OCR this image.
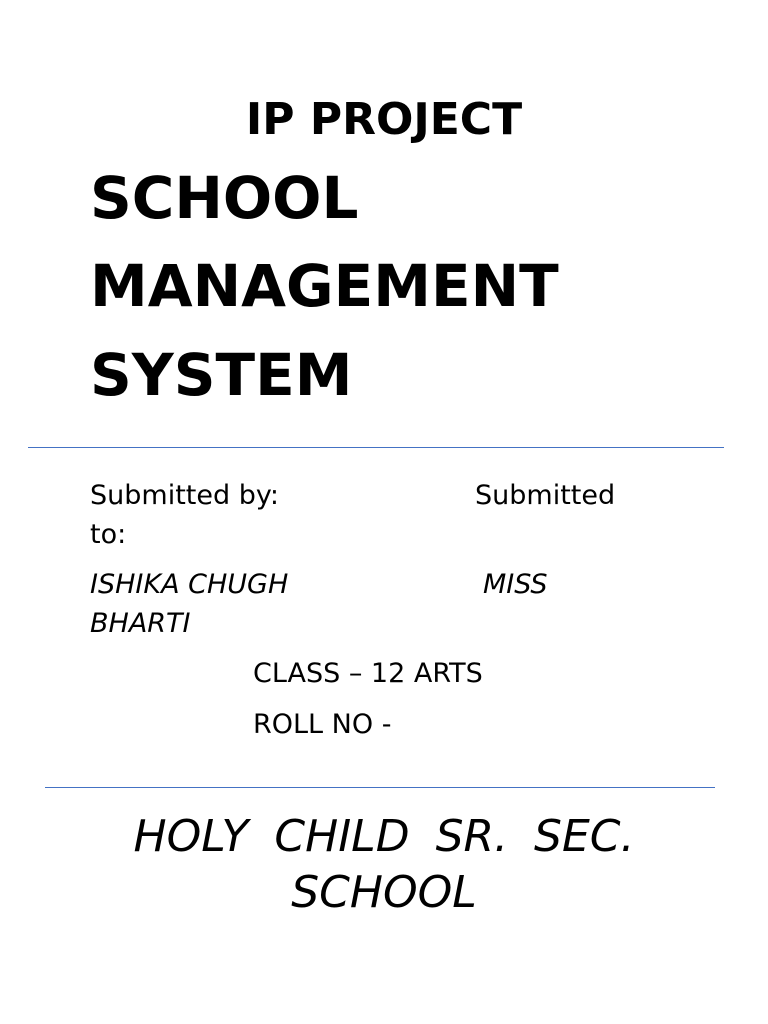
IP PROJECT
SCHOOL
MANAGEMENT
SYSTEM
Submitted by:	Submitted
to:
ISHIKA CHUGH	MISS
BHARTI
CLASS – 12 ARTS
ROLL NO -
HOLY CHILD SR. SEC.
SCHOOL
